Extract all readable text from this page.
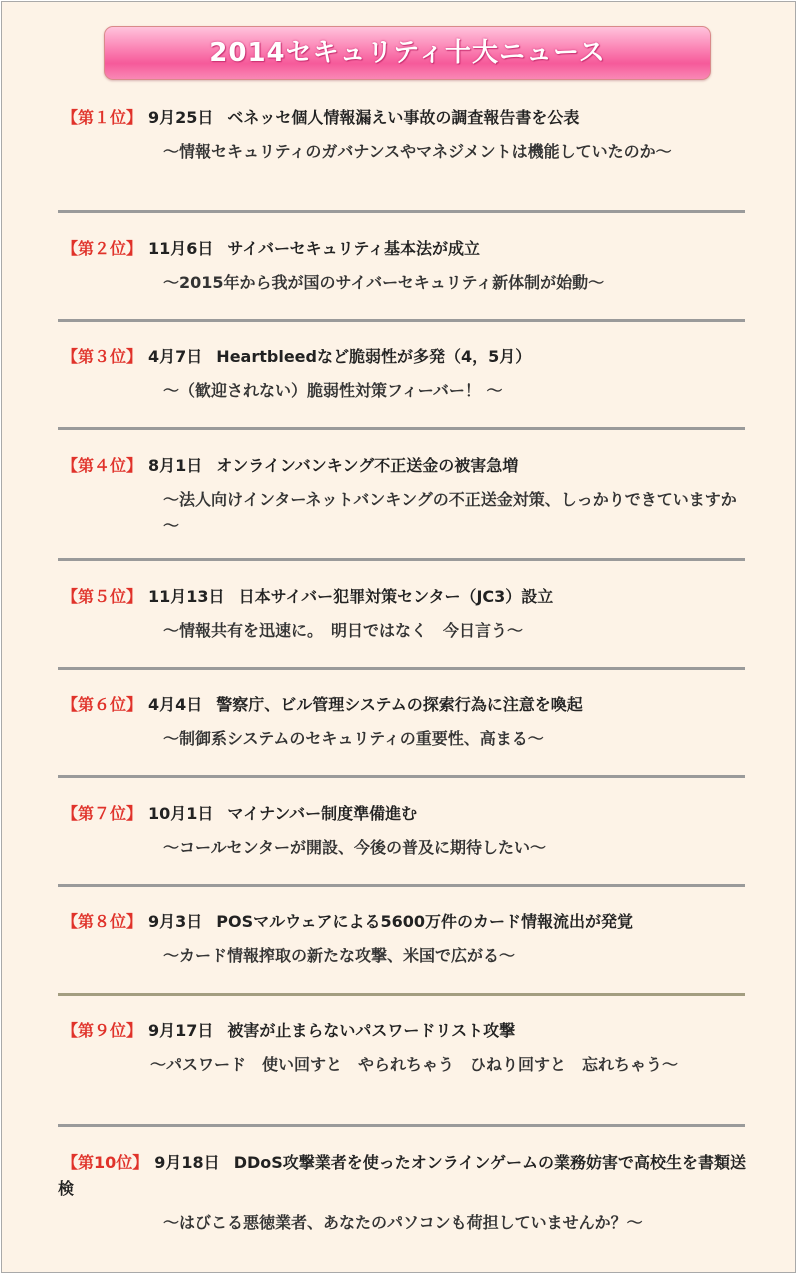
2014セキュリティ十大ニュース

【第１位】 9月25日 ベネッセ個人情報漏えい事故の調査報告書を公表

～情報セキュリティのガバナンスやマネジメントは機能していたのか～

【第２位】 11月6日 サイバーセキュリティ基本法が成立

～2015年から我が国のサイバーセキュリティ新体制が始動～

【第３位】 4月7日 Heartbleedなど脆弱性が多発（4，5月）

～（歓迎されない）脆弱性対策フィーバー！ ～

【第４位】 8月1日 オンラインバンキング不正送金の被害急増

～法人向けインターネットバンキングの不正送金対策、しっかりできていますか～

【第５位】 11月13日 日本サイバー犯罪対策センター（JC3）設立

～情報共有を迅速に。　明日ではなく　今日言う～

【第６位】 4月4日 警察庁、ビル管理システムの探索行為に注意を喚起

～制御系システムのセキュリティの重要性、高まる～

【第７位】 10月1日 マイナンバー制度準備進む

～コールセンターが開設、今後の普及に期待したい～

【第８位】 9月3日 POSマルウェアによる5600万件のカード情報流出が発覚

～カード情報搾取の新たな攻撃、米国で広がる～

【第９位】 9月17日 被害が止まらないパスワードリスト攻撃

～パスワード　使い回すと　やられちゃう　ひねり回すと　忘れちゃう～

【第10位】 9月18日 DDoS攻撃業者を使ったオンラインゲームの業務妨害で高校生を書類送検

～はびこる悪徳業者、あなたのパソコンも荷担していませんか？～
